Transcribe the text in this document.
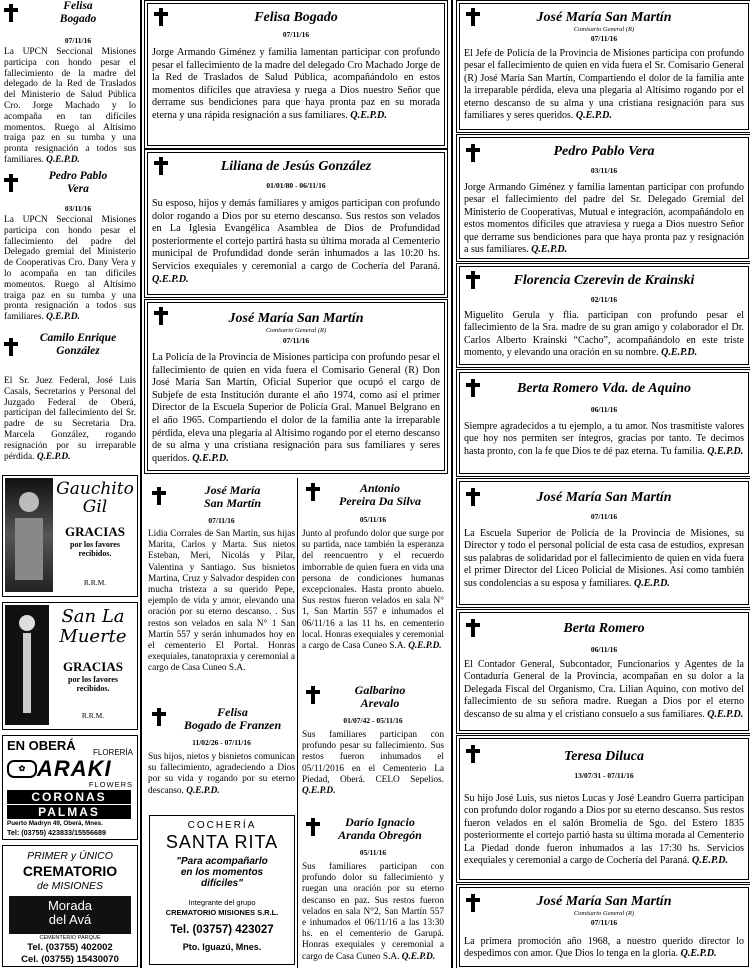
Felisa
Bogado
07/11/16
La UPCN Seccional Misiones participa con hondo pesar el fallecimiento de la madre del delegado de la Red de Traslados del Ministerio de Salud Pública Cro. Jorge Machado y lo acompaña en tan difíciles momentos. Ruego al Altísimo traiga paz en su tumba y una pronta resignación a todos sus familiares. Q.E.P.D.
Pedro Pablo
Vera
03/11/16
La UPCN Seccional Misiones participa con hondo pesar el fallecimiento del padre del Delegado gremial del Ministerio de Cooperativas Cro. Dany Vera y lo acompaña en tan difíciles momentos. Ruego al Altísimo traiga paz en su tumba y una pronta resignación a todos sus familiares. Q.E.P.D.
Camilo Enrique
González
El Sr. Juez Federal, José Luis Casals, Secretarios y Personal del Juzgado Federal de Oberá, participan del fallecimiento del Sr. padre de su Secretaria Dra. Marcela González, rogando resignación por su irreparable pérdida. Q.E.P.D.
Gauchito
Gil
GRACIAS
por los favores
recibidos.
R.R.M.
San La
Muerte
GRACIAS
por los favores
recibidos.
R.R.M.
EN OBERÁ FLORERÍA
✿ ARAKI
FLOWERS
CORONAS
PALMAS
Puerto Madryn 49, Oberá, Mnes.
Tel: (03755) 423833/15556689
PRIMER y ÚNICO
CREMATORIO
de MISIONES
Morada
del Avá
CEMENTERIO PARQUE
Tel. (03755) 402002
Cel. (03755) 15430070
Felisa Bogado
07/11/16
Jorge Armando Giménez y familia lamentan participar con profundo pesar el fallecimiento de la madre del delegado Cro Machado Jorge de la Red de Traslados de Salud Pública, acompañándolo en estos momentos difíciles que atraviesa y ruega a Dios nuestro Señor que derrame sus bendiciones para que haya pronta paz en su morada eterna y una rápida resignación a sus familiares. Q.E.P.D.
Liliana de Jesús González
01/01/80 - 06/11/16
Su esposo, hijos y demás familiares y amigos participan con profundo dolor rogando a Dios por su eterno descanso. Sus restos son velados en La Iglesia Evangélica Asamblea de Dios de Profundidad posteriormente el cortejo partirá hasta su última morada al Cementerio municipal de Profundidad donde serán inhumados a las 10:20 hs. Servicios exequiales y ceremonial a cargo de Cochería del Paraná. Q.E.P.D.
José María San Martín
Comisario General (R)
07/11/16
La Policía de la Provincia de Misiones participa con profundo pesar el fallecimiento de quien en vida fuera el Comisario General (R) Don José María San Martín, Oficial Superior que ocupó el cargo de Subjefe de esta Institución durante el año 1974, como así el primer Director de la Escuela Superior de Policía Gral. Manuel Belgrano en el año 1965. Compartiendo el dolor de la familia ante la irreparable pérdida, eleva una plegaria al Altísimo rogando por el eterno descanso de su alma y una cristiana resignación para sus familiares y seres queridos. Q.E.P.D.
José María
San Martín
07/11/16
Lidia Corrales de San Martín, sus hijas Marita, Carlos y Marta. Sus nietos Esteban, Meri, Nicolás y Pilar, Valentina y Santiago. Sus bisnietos Martina, Cruz y Salvador despiden con mucha tristeza a su querido Pepe, ejemplo de vida y amor, elevando una oración por su eterno descanso. . Sus restos son velados en sala N° 1 San Martín 557 y serán inhumados hoy en el cementerio El Portal. Honras exequiales, tanatopraxia y ceremonial a cargo de Casa Cuneo S.A.
Felisa
Bogado de Franzen
11/02/26 - 07/11/16
Sus hijos, nietos y bisnietos comunican su fallecimiento, agradeciendo a Dios por su vida y rogando por su eterno descanso. Q.E.P.D.
COCHERÍA
SANTA RITA
"Para acompañarlo
en los momentos
difíciles"
Integrante del grupo
CREMATORIO MISIONES S.R.L.
Tel. (03757) 423027
Pto. Iguazú, Mnes.
Antonio
Pereira Da Silva
05/11/16
Junto al profundo dolor que surge por su partida, nace también la esperanza del reencuentro y el recuerdo imborrable de quien fuera en vida una persona de condiciones humanas excepcionales. Hasta pronto abuelo. Sus restos fueron velados en sala N° 1, San Martín 557 e inhumados el 06/11/16 a las 11 hs. en cementerio local. Honras exequiales y ceremonial a cargo de Casa Cuneo S.A. Q.E.P.D.
Galbarino
Arevalo
01/07/42 - 05/11/16
Sus familiares participan con profundo pesar su fallecimiento. Sus restos fueron inhumados el 05/11/2016 en el Cementerio La Piedad, Oberá. CELO Sepelios. Q.E.P.D.
Darío Ignacio
Aranda Obregón
05/11/16
Sus familiares participan con profundo dolor su fallecimiento y ruegan una oración por su eterno descanso en paz. Sus restos fueron velados en sala N°2, San Martín 557 e inhumados el 06/11/16 a las 13:30 hs. en el cementerio de Garupá. Honras exequiales y ceremonial a cargo de Casa Cuneo S.A. Q.E.P.D.
José María San Martín
Comisario General (R)
07/11/16
El Jefe de Policía de la Provincia de Misiones participa con profundo pesar el fallecimiento de quien en vida fuera el Sr. Comisario General (R) José María San Martín, Compartiendo el dolor de la familia ante la irreparable pérdida, eleva una plegaria al Altísimo rogando por el eterno descanso de su alma y una cristiana resignación para sus familiares y seres queridos. Q.E.P.D.
Pedro Pablo Vera
03/11/16
Jorge Armando Giménez y familia lamentan participar con profundo pesar el fallecimiento del padre del Sr. Delegado Gremial del Ministerio de Cooperativas, Mutual e integración, acompañándolo en estos momentos difíciles que atraviesa y ruega a Dios nuestro Señor que derrame sus bendiciones para que haya pronta paz y resignación a sus familiares. Q.E.P.D.
Florencia Czerevin de Krainski
02/11/16
Miguelito Gerula y flia. participan con profundo pesar el fallecimiento de la Sra. madre de su gran amigo y colaborador el Dr. Carlos Alberto Krainski “Cacho”, acompañándolo en este triste momento, y elevando una oración en su nombre. Q.E.P.D.
Berta Romero Vda. de Aquino
06/11/16
Siempre agradecidos a tu ejemplo, a tu amor. Nos trasmitiste valores que hoy nos permiten ser íntegros, gracias por tanto. Te decimos hasta pronto, con la fe que Dios te dé paz eterna. Tu familia. Q.E.P.D.
José María San Martín
07/11/16
La Escuela Superior de Policía de la Provincia de Misiones, su Director y todo el personal policial de esta casa de estudios, expresan sus palabras de solidaridad por el fallecimiento de quien en vida fuera el primer Director del Liceo Policial de Misiones. Así como también sus condolencias a su esposa y familiares. Q.E.P.D.
Berta Romero
06/11/16
El Contador General, Subcontador, Funcionarios y Agentes de la Contaduría General de la Provincia, acompañan en su dolor a la Delegada Fiscal del Organismo, Cra. Lilian Aquino, con motivo del fallecimiento de su señora madre. Ruegan a Dios por el eterno descanso de su alma y el cristiano consuelo a sus familiares. Q.E.P.D.
Teresa Diluca
13/07/31 - 07/11/16
Su hijo José Luis, sus nietos Lucas y José Leandro Guerra participan con profundo dolor rogando a Dios por su eterno descanso. Sus restos fueron velados en el salón Bromelia de Sgo. del Estero 1835 posteriormente el cortejo partió hasta su última morada al Cementerio La Piedad donde fueron inhumados a las 17:30 hs. Servicios exequiales y ceremonial a cargo de Cochería del Paraná. Q.E.P.D.
José María San Martín
Comisario General (R)
07/11/16
La primera promoción año 1968, a nuestro querido director lo despedimos con amor. Que Dios lo tenga en la gloria. Q.E.P.D.
